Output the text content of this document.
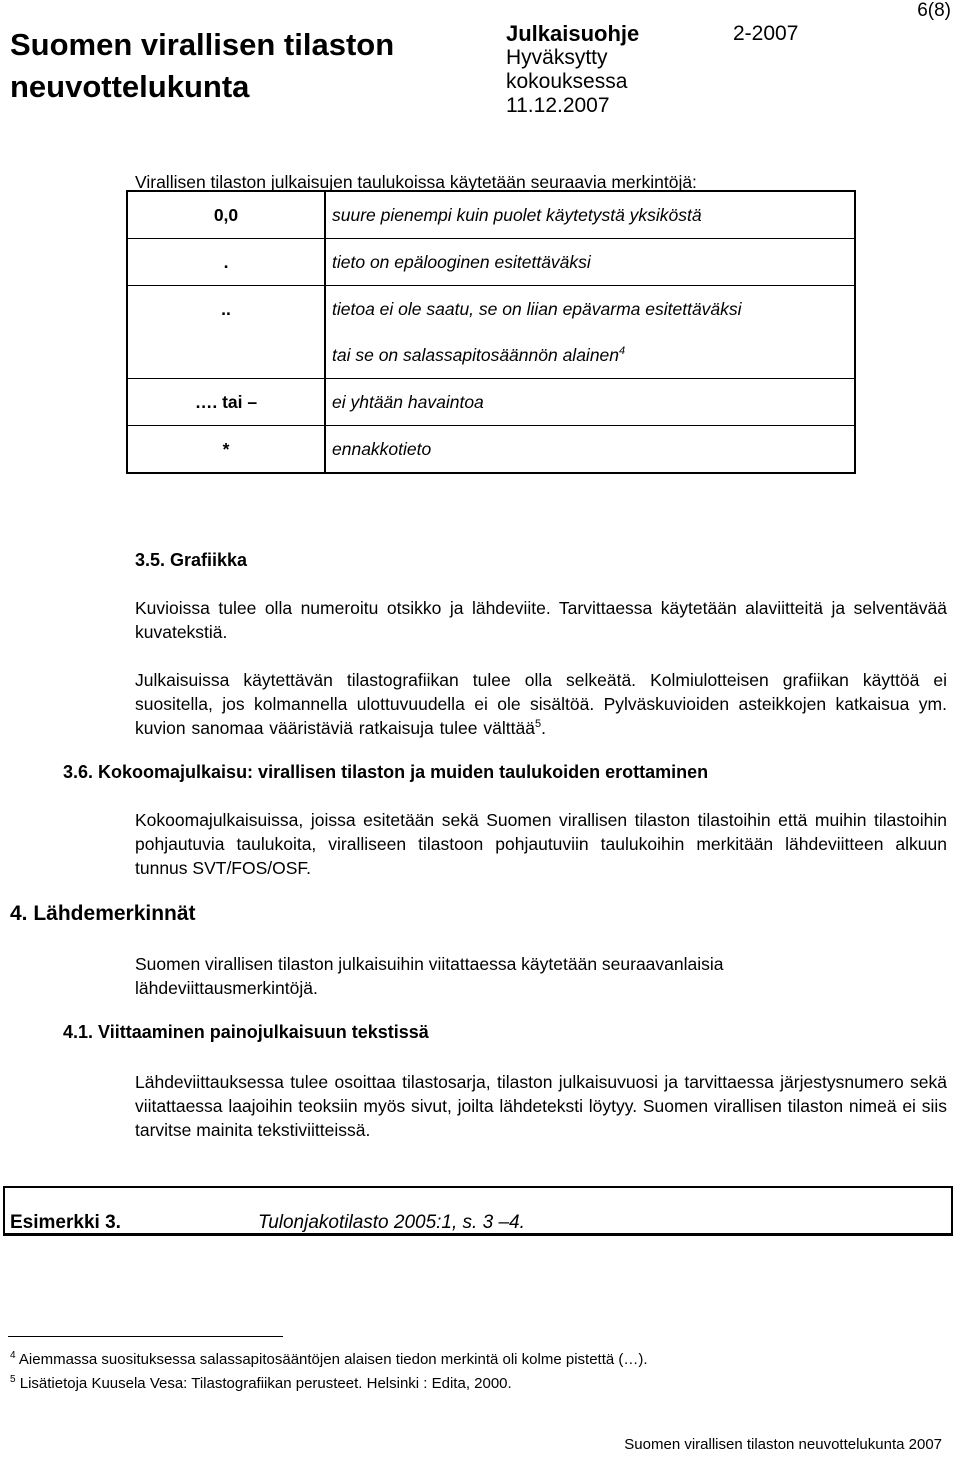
Suomen virallisen tilaston
neuvottelukunta
Julkaisuohje
Hyväksytty
kokouksessa
11.12.2007
2-2007
6(8)
Virallisen tilaston julkaisujen taulukoissa käytetään seuraavia merkintöjä:
0,0	suure pienempi kuin puolet käytetystä yksiköstä
.	tieto on epälooginen esitettäväksi
..	tietoa ei ole saatu, se on liian epävarma esitettäväksi
	tai se on salassapitosäännön alainen$^4$
…. tai –	ei yhtään havaintoa
*	ennakkotieto
3.5. Grafiikka
Kuvioissa tulee olla numeroitu otsikko ja lähdeviite. Tarvittaessa käytetään alaviitteitä ja selventävää kuvatekstiä.
Julkaisuissa käytettävän tilastografiikan tulee olla selkeätä. Kolmiulotteisen grafiikan käyttöä ei suositella, jos kolmannella ulottuvuudella ei ole sisältöä. Pylväskuvioiden asteikkojen katkaisua ym. kuvion sanomaa vääristäviä ratkaisuja tulee välttää$^5$.
3.6. Kokoomajulkaisu: virallisen tilaston ja muiden taulukoiden erottaminen
Kokoomajulkaisuissa, joissa esitetään sekä Suomen virallisen tilaston tilastoihin että muihin tilastoihin pohjautuvia taulukoita, viralliseen tilastoon pohjautuviin taulukoihin merkitään lähdeviitteen alkuun tunnus SVT/FOS/OSF.
4. Lähdemerkinnät
Suomen virallisen tilaston julkaisuihin viitattaessa käytetään seuraavanlaisia lähdeviittausmerkintöjä.
4.1. Viittaaminen painojulkaisuun tekstissä
Lähdeviittauksessa tulee osoittaa tilastosarja, tilaston julkaisuvuosi ja tarvittaessa järjestysnumero sekä viitattaessa laajoihin teoksiin myös sivut, joilta lähdeteksti löytyy. Suomen virallisen tilaston nimeä ei siis tarvitse mainita tekstiviitteissä.
Esimerkki 3.	Tulonjakotilasto 2005:1, s. 3 –4.
$^4$ Aiemmassa suosituksessa salassapitosääntöjen alaisen tiedon merkintä oli kolme pistettä (…).
$^5$ Lisätietoja Kuusela Vesa: Tilastografiikan perusteet. Helsinki : Edita, 2000.
Suomen virallisen tilaston neuvottelukunta 2007
